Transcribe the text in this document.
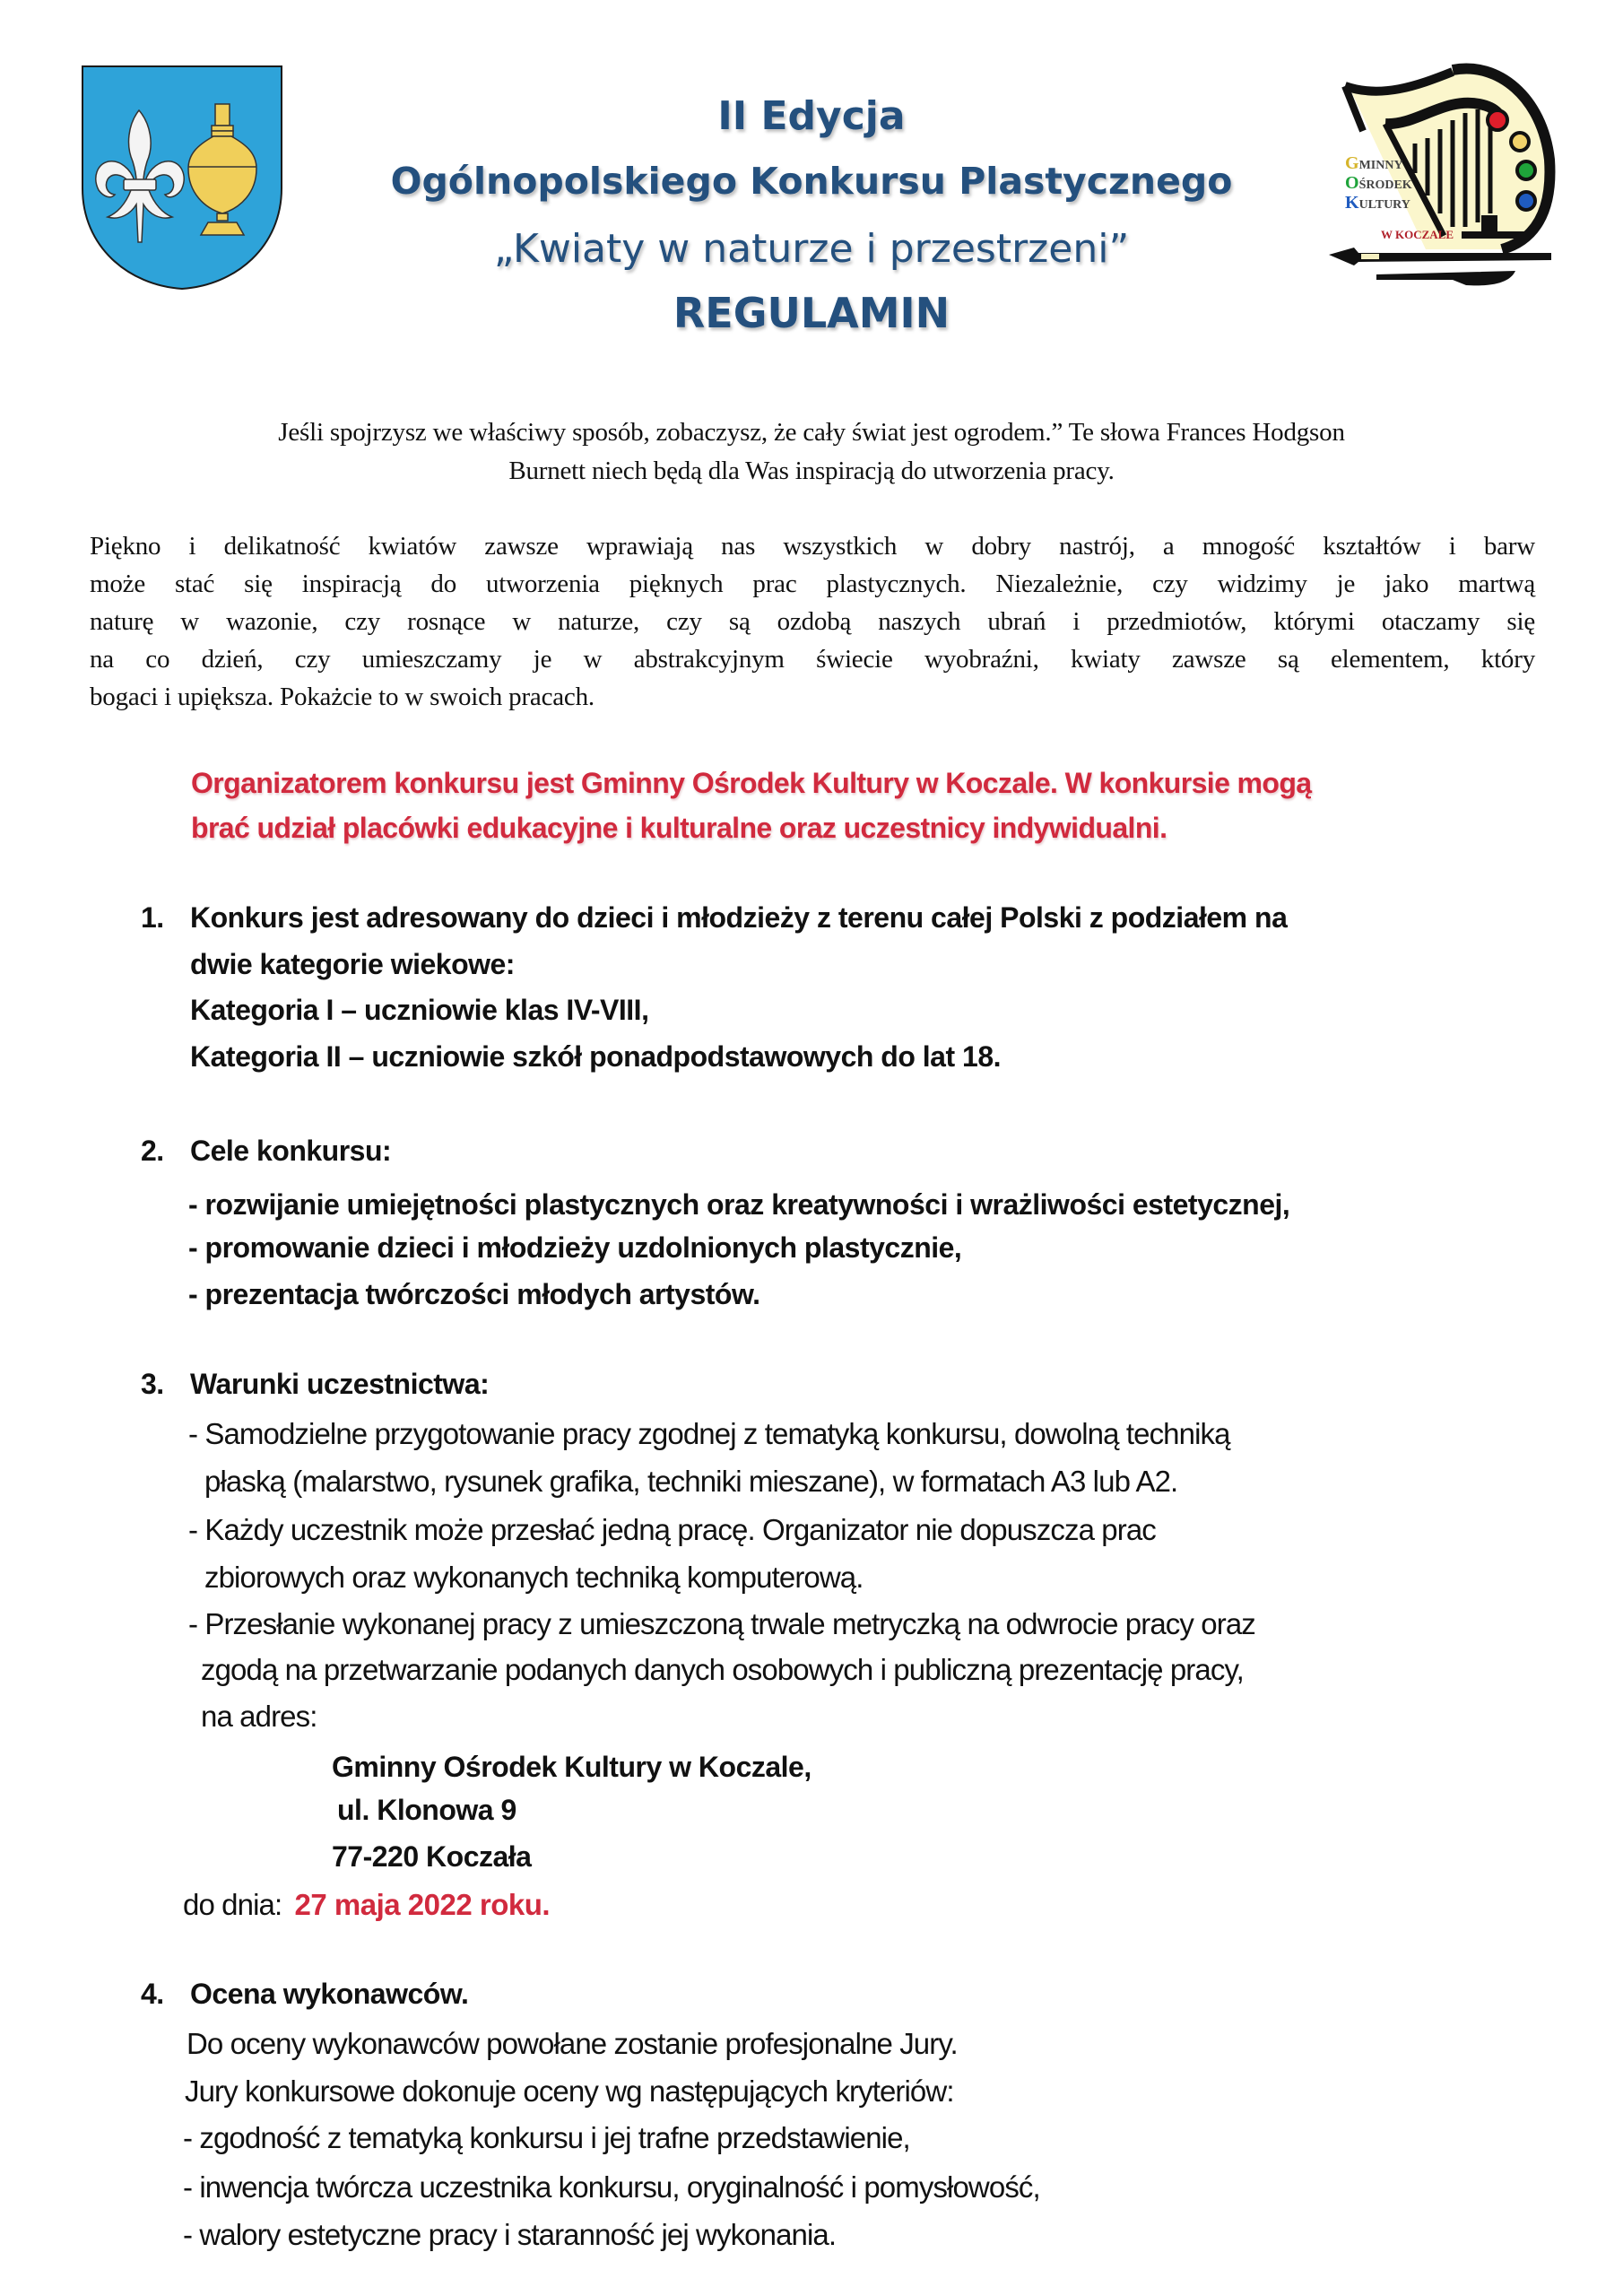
GMINNY
OŚRODEK
KULTURY
W KOCZALE
II Edycja
Ogólnopolskiego Konkursu Plastycznego
„Kwiaty w naturze i przestrzeni”
REGULAMIN
Jeśli spojrzysz we właściwy sposób, zobaczysz, że cały świat jest ogrodem.” Te słowa Frances Hodgson
Burnett niech będą dla Was inspiracją do utworzenia pracy.
Piękno i delikatność kwiatów zawsze wprawiają nas wszystkich w dobry nastrój, a mnogość kształtów i barw
może stać się inspiracją do utworzenia pięknych prac plastycznych. Niezależnie, czy widzimy je jako martwą
naturę w wazonie, czy rosnące w naturze, czy są ozdobą naszych ubrań i przedmiotów, którymi otaczamy się
na co dzień, czy umieszczamy je w abstrakcyjnym świecie wyobraźni, kwiaty zawsze są elementem, który
bogaci i upiększa. Pokażcie to w swoich pracach.
Organizatorem konkursu jest Gminny Ośrodek Kultury w Koczale. W konkursie mogą
brać udział placówki edukacyjne i kulturalne oraz uczestnicy indywidualni.
1. Konkurs jest adresowany do dzieci i młodzieży z terenu całej Polski z podziałem na
dwie kategorie wiekowe:
Kategoria I – uczniowie klas IV-VIII,
Kategoria II – uczniowie szkół ponadpodstawowych do lat 18.
2. Cele konkursu:
- rozwijanie umiejętności plastycznych oraz kreatywności i wrażliwości estetycznej,
- promowanie dzieci i młodzieży uzdolnionych plastycznie,
- prezentacja twórczości młodych artystów.
3. Warunki uczestnictwa:
- Samodzielne przygotowanie pracy zgodnej z tematyką konkursu, dowolną techniką
płaską (malarstwo, rysunek grafika, techniki mieszane), w formatach A3 lub A2.
- Każdy uczestnik może przesłać jedną pracę. Organizator nie dopuszcza prac
zbiorowych oraz wykonanych techniką komputerową.
- Przesłanie wykonanej pracy z umieszczoną trwale metryczką na odwrocie pracy oraz
zgodą na przetwarzanie podanych danych osobowych i publiczną prezentację pracy,
na adres:
Gminny Ośrodek Kultury w Koczale,
ul. Klonowa 9
77-220 Koczała
do dnia: 27 maja 2022 roku.
4. Ocena wykonawców.
Do oceny wykonawców powołane zostanie profesjonalne Jury.
Jury konkursowe dokonuje oceny wg następujących kryteriów:
- zgodność z tematyką konkursu i jej trafne przedstawienie,
- inwencja twórcza uczestnika konkursu, oryginalność i pomysłowość,
- walory estetyczne pracy i staranność jej wykonania.
